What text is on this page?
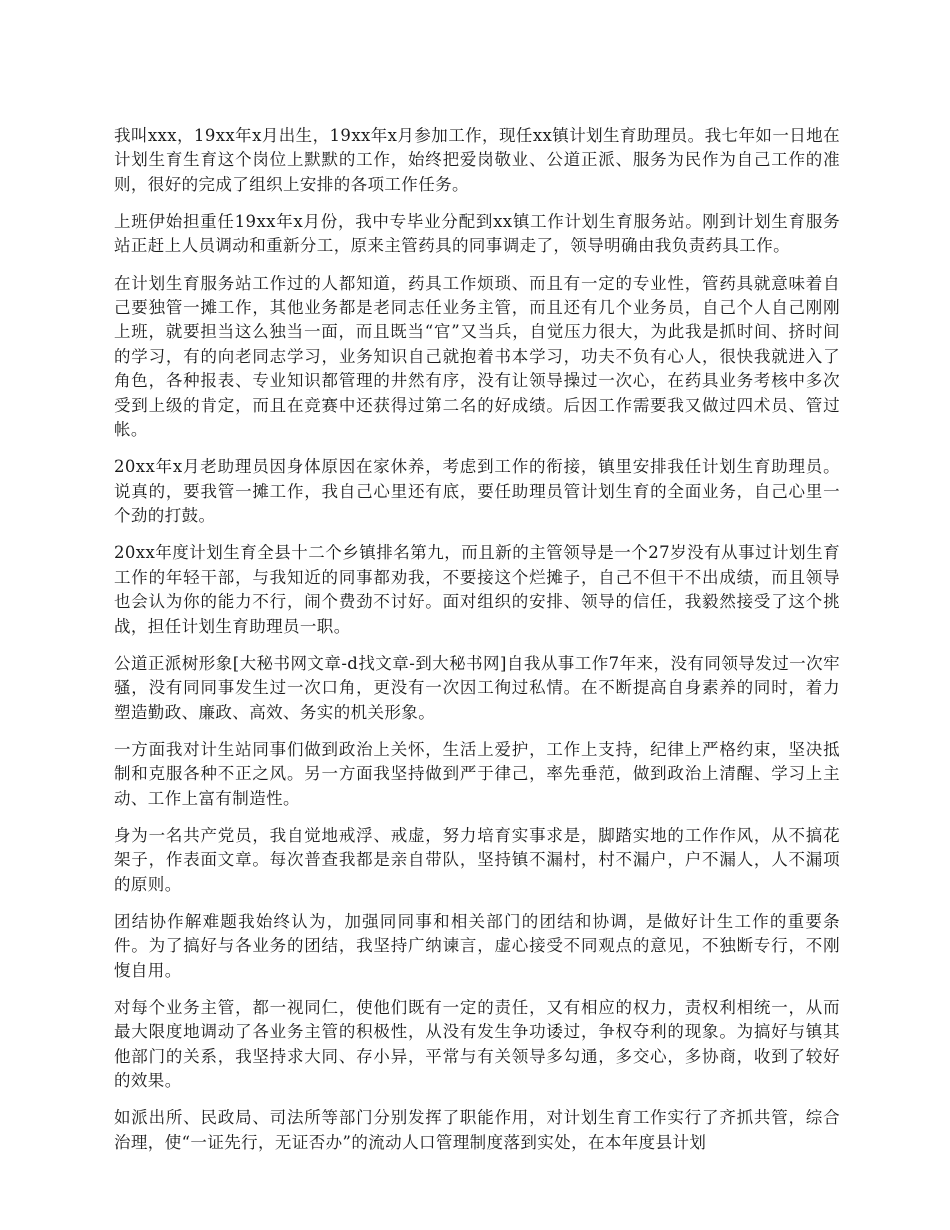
我叫xxx，19xx年x月出生，19xx年x月参加工作，现任xx镇计划生育助理员。我七年如一日地在计划生育生育这个岗位上默默的工作，始终把爱岗敬业、公道正派、服务为民作为自己工作的准则，很好的完成了组织上安排的各项工作任务。

上班伊始担重任19xx年x月份，我中专毕业分配到xx镇工作计划生育服务站。刚到计划生育服务站正赶上人员调动和重新分工，原来主管药具的同事调走了，领导明确由我负责药具工作。

在计划生育服务站工作过的人都知道，药具工作烦琐、而且有一定的专业性，管药具就意味着自己要独管一摊工作，其他业务都是老同志任业务主管，而且还有几个业务员，自己个人自己刚刚上班，就要担当这么独当一面，而且既当“官”又当兵，自觉压力很大，为此我是抓时间、挤时间的学习，有的向老同志学习，业务知识自己就抱着书本学习，功夫不负有心人，很快我就进入了角色，各种报表、专业知识都管理的井然有序，没有让领导操过一次心，在药具业务考核中多次受到上级的肯定，而且在竞赛中还获得过第二名的好成绩。后因工作需要我又做过四术员、管过帐。

20xx年x月老助理员因身体原因在家休养，考虑到工作的衔接，镇里安排我任计划生育助理员。说真的，要我管一摊工作，我自己心里还有底，要任助理员管计划生育的全面业务，自己心里一个劲的打鼓。

20xx年度计划生育全县十二个乡镇排名第九，而且新的主管领导是一个27岁没有从事过计划生育工作的年轻干部，与我知近的同事都劝我，不要接这个烂摊子，自己不但干不出成绩，而且领导也会认为你的能力不行，闹个费劲不讨好。面对组织的安排、领导的信任，我毅然接受了这个挑战，担任计划生育助理员一职。

公道正派树形象[大秘书网文章-d找文章-到大秘书网]自我从事工作7年来，没有同领导发过一次牢骚，没有同同事发生过一次口角，更没有一次因工徇过私情。在不断提高自身素养的同时，着力塑造勤政、廉政、高效、务实的机关形象。

一方面我对计生站同事们做到政治上关怀，生活上爱护，工作上支持，纪律上严格约束，坚决抵制和克服各种不正之风。另一方面我坚持做到严于律己，率先垂范，做到政治上清醒、学习上主动、工作上富有制造性。

身为一名共产党员，我自觉地戒浮、戒虚，努力培育实事求是，脚踏实地的工作作风，从不搞花架子，作表面文章。每次普查我都是亲自带队，坚持镇不漏村，村不漏户，户不漏人，人不漏项的原则。

团结协作解难题我始终认为，加强同同事和相关部门的团结和协调，是做好计生工作的重要条件。为了搞好与各业务的团结，我坚持广纳谏言，虚心接受不同观点的意见，不独断专行，不刚愎自用。

对每个业务主管，都一视同仁，使他们既有一定的责任，又有相应的权力，责权利相统一，从而最大限度地调动了各业务主管的积极性，从没有发生争功诿过，争权夺利的现象。为搞好与镇其他部门的关系，我坚持求大同、存小异，平常与有关领导多勾通，多交心，多协商，收到了较好的效果。

如派出所、民政局、司法所等部门分别发挥了职能作用，对计划生育工作实行了齐抓共管，综合治理，使“一证先行，无证否办”的流动人口管理制度落到实处，在本年度县计划
